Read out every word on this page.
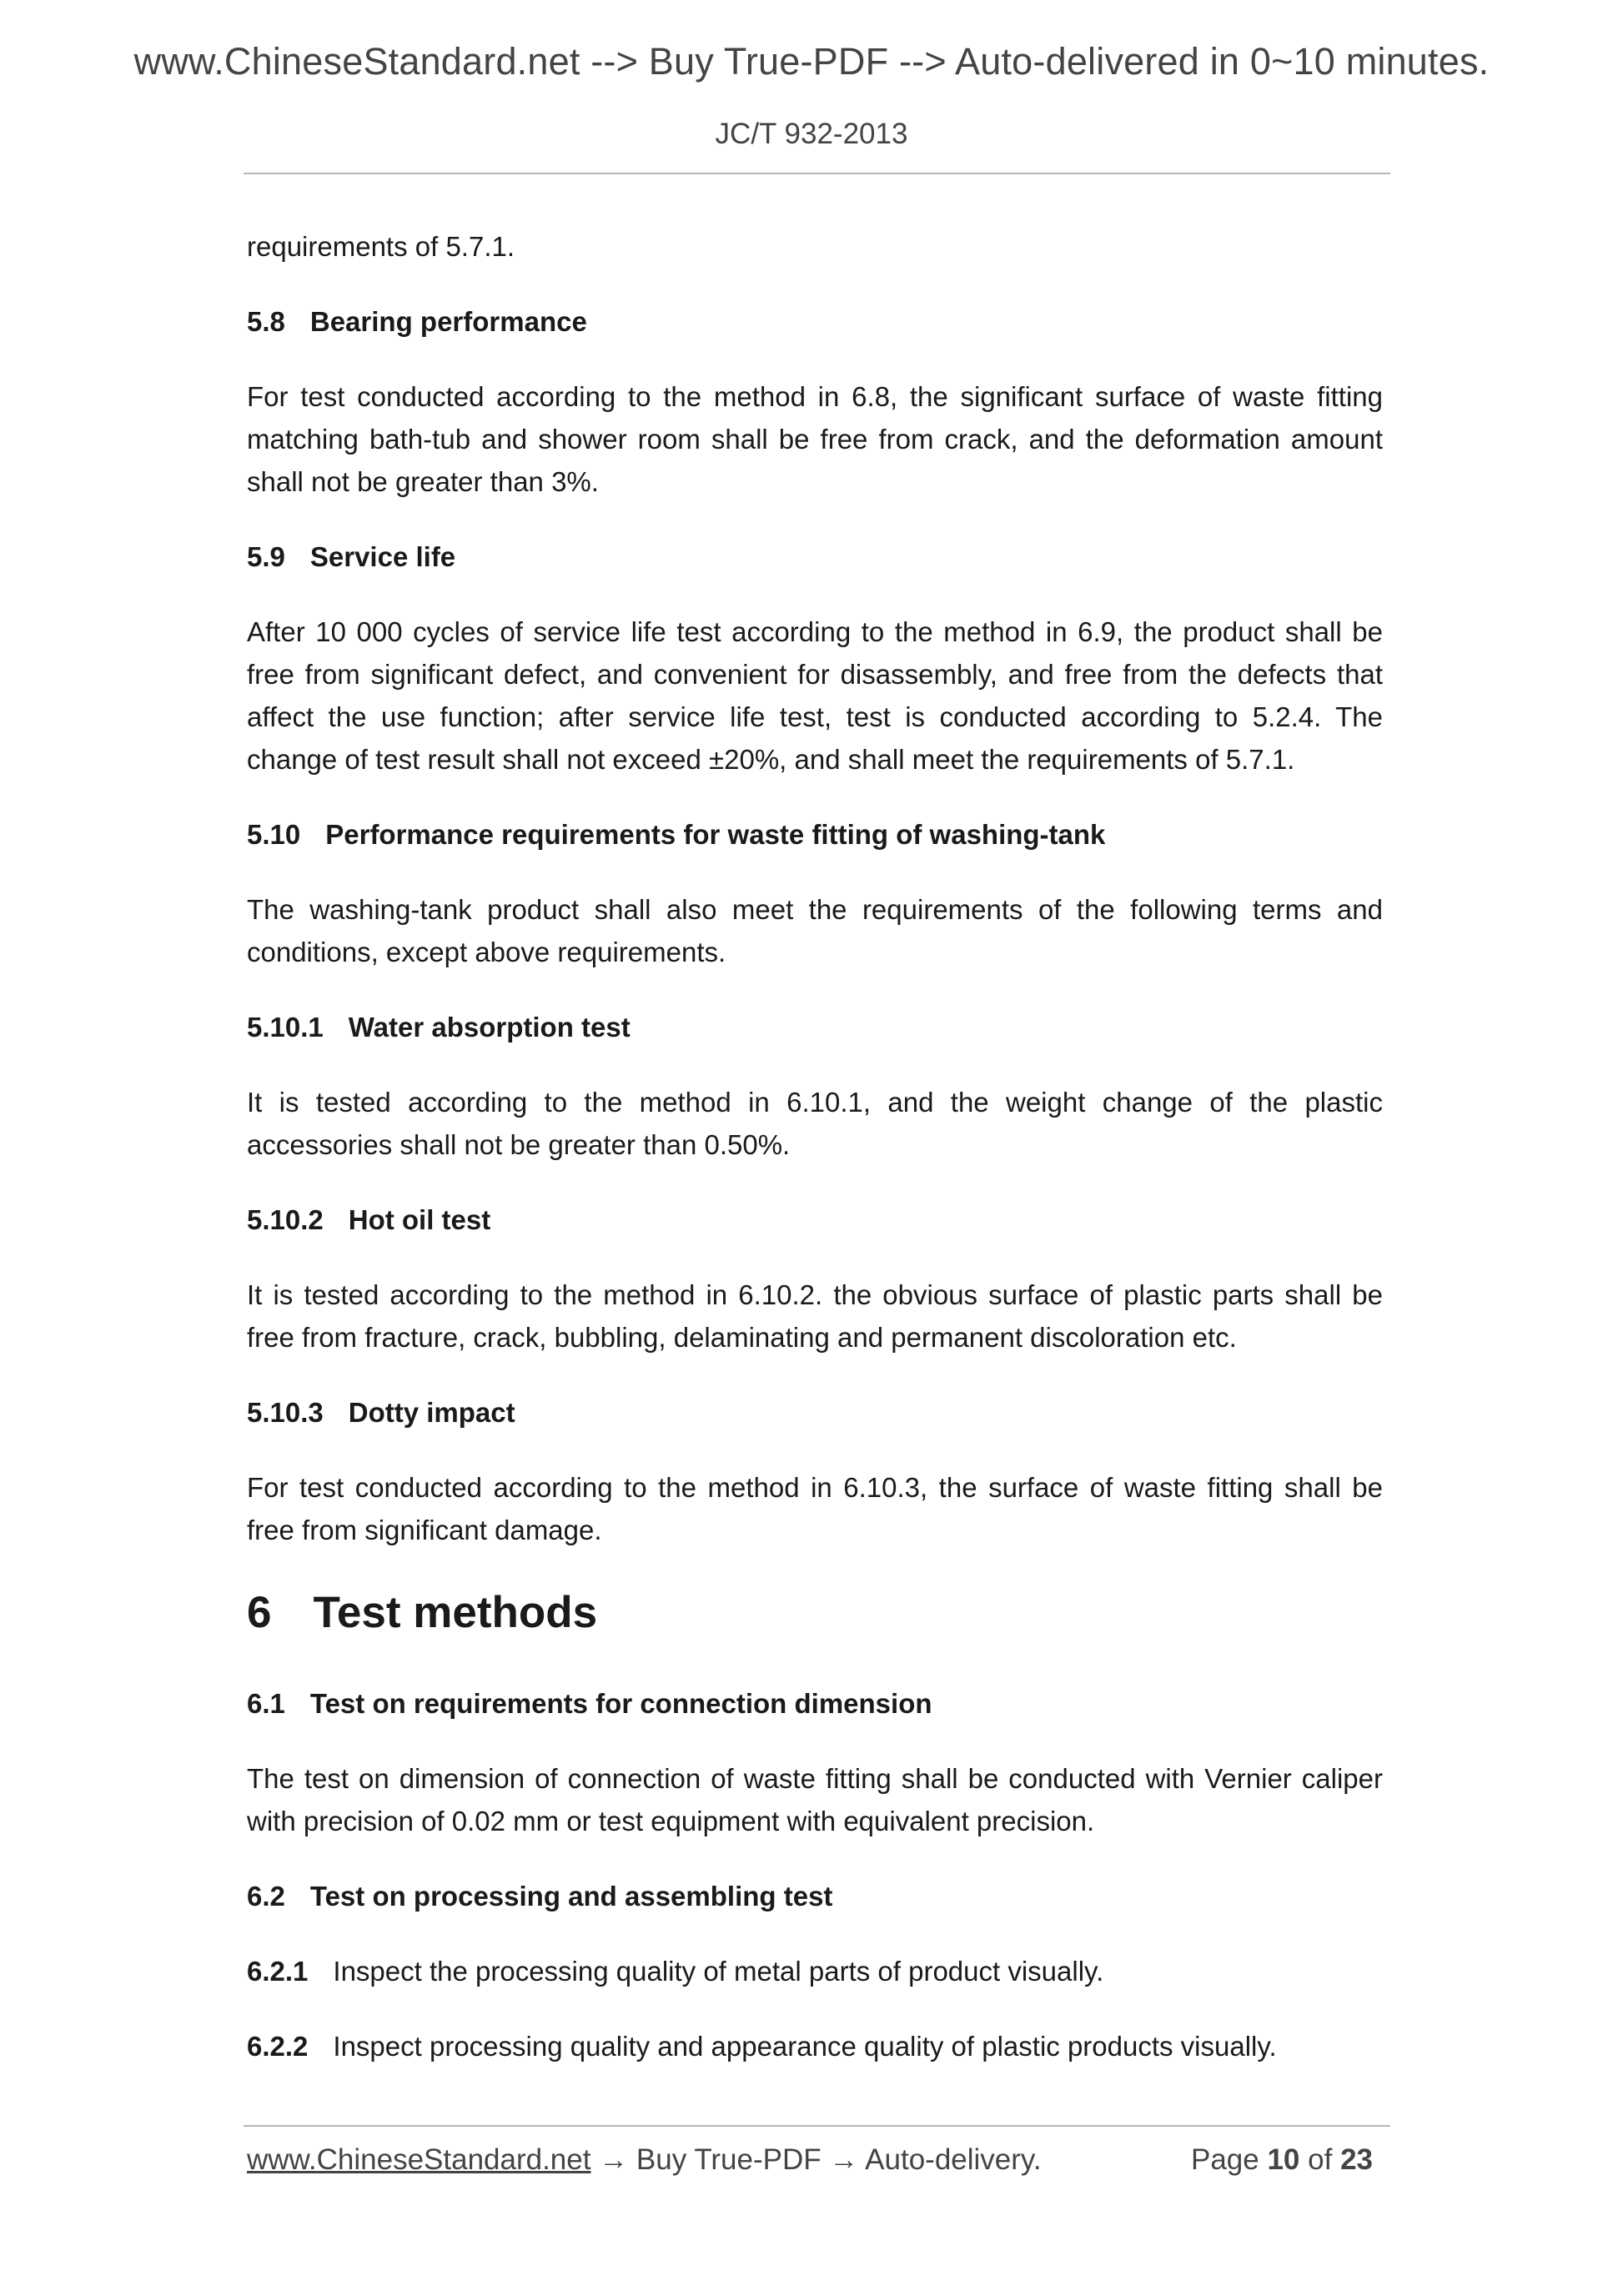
www.ChineseStandard.net --> Buy True-PDF --> Auto-delivered in 0~10 minutes.
JC/T 932-2013

requirements of 5.7.1.

5.8 Bearing performance

For test conducted according to the method in 6.8, the significant surface of waste fitting matching bath-tub and shower room shall be free from crack, and the deformation amount shall not be greater than 3%.

5.9 Service life

After 10 000 cycles of service life test according to the method in 6.9, the product shall be free from significant defect, and convenient for disassembly, and free from the defects that affect the use function; after service life test, test is conducted according to 5.2.4. The change of test result shall not exceed ±20%, and shall meet the requirements of 5.7.1.

5.10 Performance requirements for waste fitting of washing-tank

The washing-tank product shall also meet the requirements of the following terms and conditions, except above requirements.

5.10.1 Water absorption test

It is tested according to the method in 6.10.1, and the weight change of the plastic accessories shall not be greater than 0.50%.

5.10.2 Hot oil test

It is tested according to the method in 6.10.2. the obvious surface of plastic parts shall be free from fracture, crack, bubbling, delaminating and permanent discoloration etc.

5.10.3 Dotty impact

For test conducted according to the method in 6.10.3, the surface of waste fitting shall be free from significant damage.

6 Test methods
6.1 Test on requirements for connection dimension

The test on dimension of connection of waste fitting shall be conducted with Vernier caliper with precision of 0.02 mm or test equipment with equivalent precision.

6.2 Test on processing and assembling test
6.2.1 Inspect the processing quality of metal parts of product visually.
6.2.2 Inspect processing quality and appearance quality of plastic products visually.
www.ChineseStandard.net → Buy True-PDF → Auto-delivery.	Page 10 of 23
